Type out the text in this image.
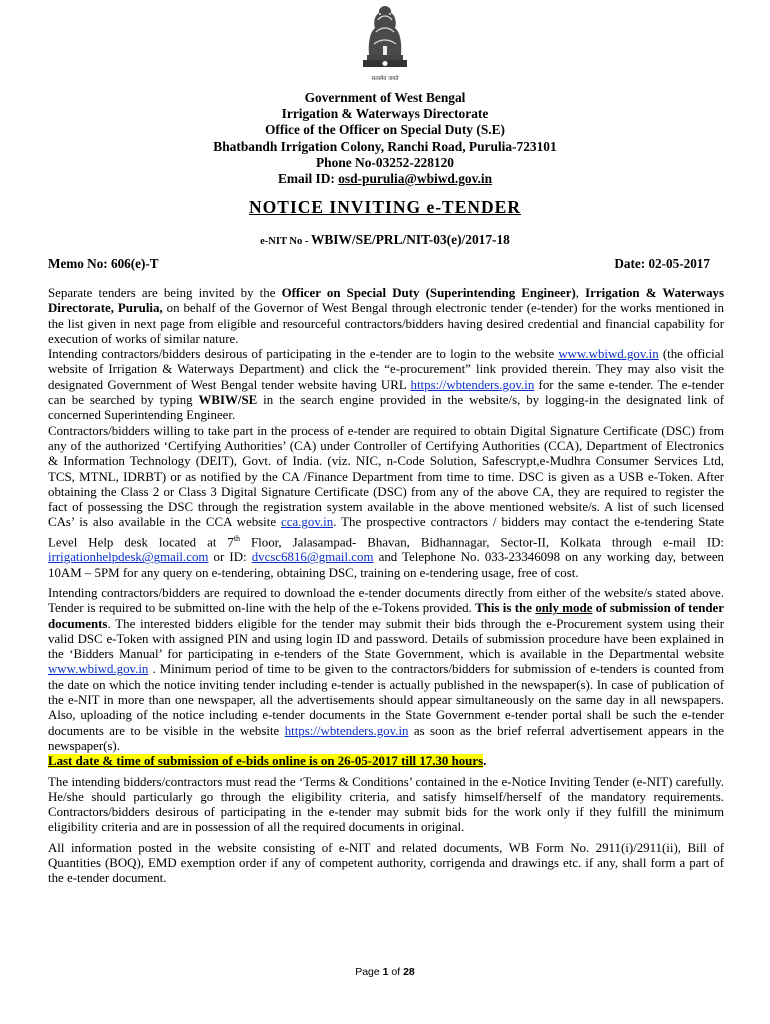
सत्यमेव जयते
Government of West Bengal
Irrigation & Waterways Directorate
Office of the Officer on Special Duty (S.E)
Bhatbandh Irrigation Colony, Ranchi Road, Purulia-723101
Phone No-03252-228120
Email ID: osd-purulia@wbiwd.gov.in
NOTICE INVITING e-TENDER
e-NIT No - WBIW/SE/PRL/NIT-03(e)/2017-18
Memo No: 606(e)-T	Date: 02-05-2017

Separate tenders are being invited by the Officer on Special Duty (Superintending Engineer), Irrigation & Waterways Directorate, Purulia, on behalf of the Governor of West Bengal through electronic tender (e-tender) for the works mentioned in the list given in next page from eligible and resourceful contractors/bidders having desired credential and financial capability for execution of works of similar nature.

Intending contractors/bidders desirous of participating in the e-tender are to login to the website www.wbiwd.gov.in (the official website of Irrigation & Waterways Department) and click the “e-procurement” link provided therein. They may also visit the designated Government of West Bengal tender website having URL https://wbtenders.gov.in for the same e-tender. The e-tender can be searched by typing WBIW/SE in the search engine provided in the website/s, by logging-in the designated link of concerned Superintending Engineer.

Contractors/bidders willing to take part in the process of e-tender are required to obtain Digital Signature Certificate (DSC) from any of the authorized ‘Certifying Authorities’ (CA) under Controller of Certifying Authorities (CCA), Department of Electronics & Information Technology (DEIT), Govt. of India. (viz. NIC, n-Code Solution, Safescrypt,e-Mudhra Consumer Services Ltd, TCS, MTNL, IDRBT) or as notified by the CA /Finance Department from time to time. DSC is given as a USB e-Token. After obtaining the Class 2 or Class 3 Digital Signature Certificate (DSC) from any of the above CA, they are required to register the fact of possessing the DSC through the registration system available in the above mentioned website/s. A list of such licensed CAs’ is also available in the CCA website cca.gov.in. The prospective contractors / bidders may contact the e-tendering State Level Help desk located at 7th Floor, Jalasampad- Bhavan, Bidhannagar, Sector-II, Kolkata through e-mail ID: irrigationhelpdesk@gmail.com or ID: dvcsc6816@gmail.com and Telephone No. 033-23346098 on any working day, between 10AM – 5PM for any query on e-tendering, obtaining DSC, training on e-tendering usage, free of cost.

Intending contractors/bidders are required to download the e-tender documents directly from either of the website/s stated above. Tender is required to be submitted on-line with the help of the e-Tokens provided. This is the only mode of submission of tender documents. The interested bidders eligible for the tender may submit their bids through the e-Procurement system using their valid DSC e-Token with assigned PIN and using login ID and password. Details of submission procedure have been explained in the ‘Bidders Manual’ for participating in e-tenders of the State Government, which is available in the Departmental website www.wbiwd.gov.in . Minimum period of time to be given to the contractors/bidders for submission of e-tenders is counted from the date on which the notice inviting tender including e-tender is actually published in the newspaper(s). In case of publication of the e-NIT in more than one newspaper, all the advertisements should appear simultaneously on the same day in all newspapers. Also, uploading of the notice including e-tender documents in the State Government e-tender portal shall be such the e-tender documents are to be visible in the website https://wbtenders.gov.in as soon as the brief referral advertisement appears in the newspaper(s).

Last date & time of submission of e-bids online is on 26-05-2017 till 17.30 hours.

The intending bidders/contractors must read the ‘Terms & Conditions’ contained in the e-Notice Inviting Tender (e-NIT) carefully. He/she should particularly go through the eligibility criteria, and satisfy himself/herself of the mandatory requirements. Contractors/bidders desirous of participating in the e-tender may submit bids for the work only if they fulfill the minimum eligibility criteria and are in possession of all the required documents in original.

All information posted in the website consisting of e-NIT and related documents, WB Form No. 2911(i)/2911(ii), Bill of Quantities (BOQ), EMD exemption order if any of competent authority, corrigenda and drawings etc. if any, shall form a part of the e-tender document.

Page 1 of 28
